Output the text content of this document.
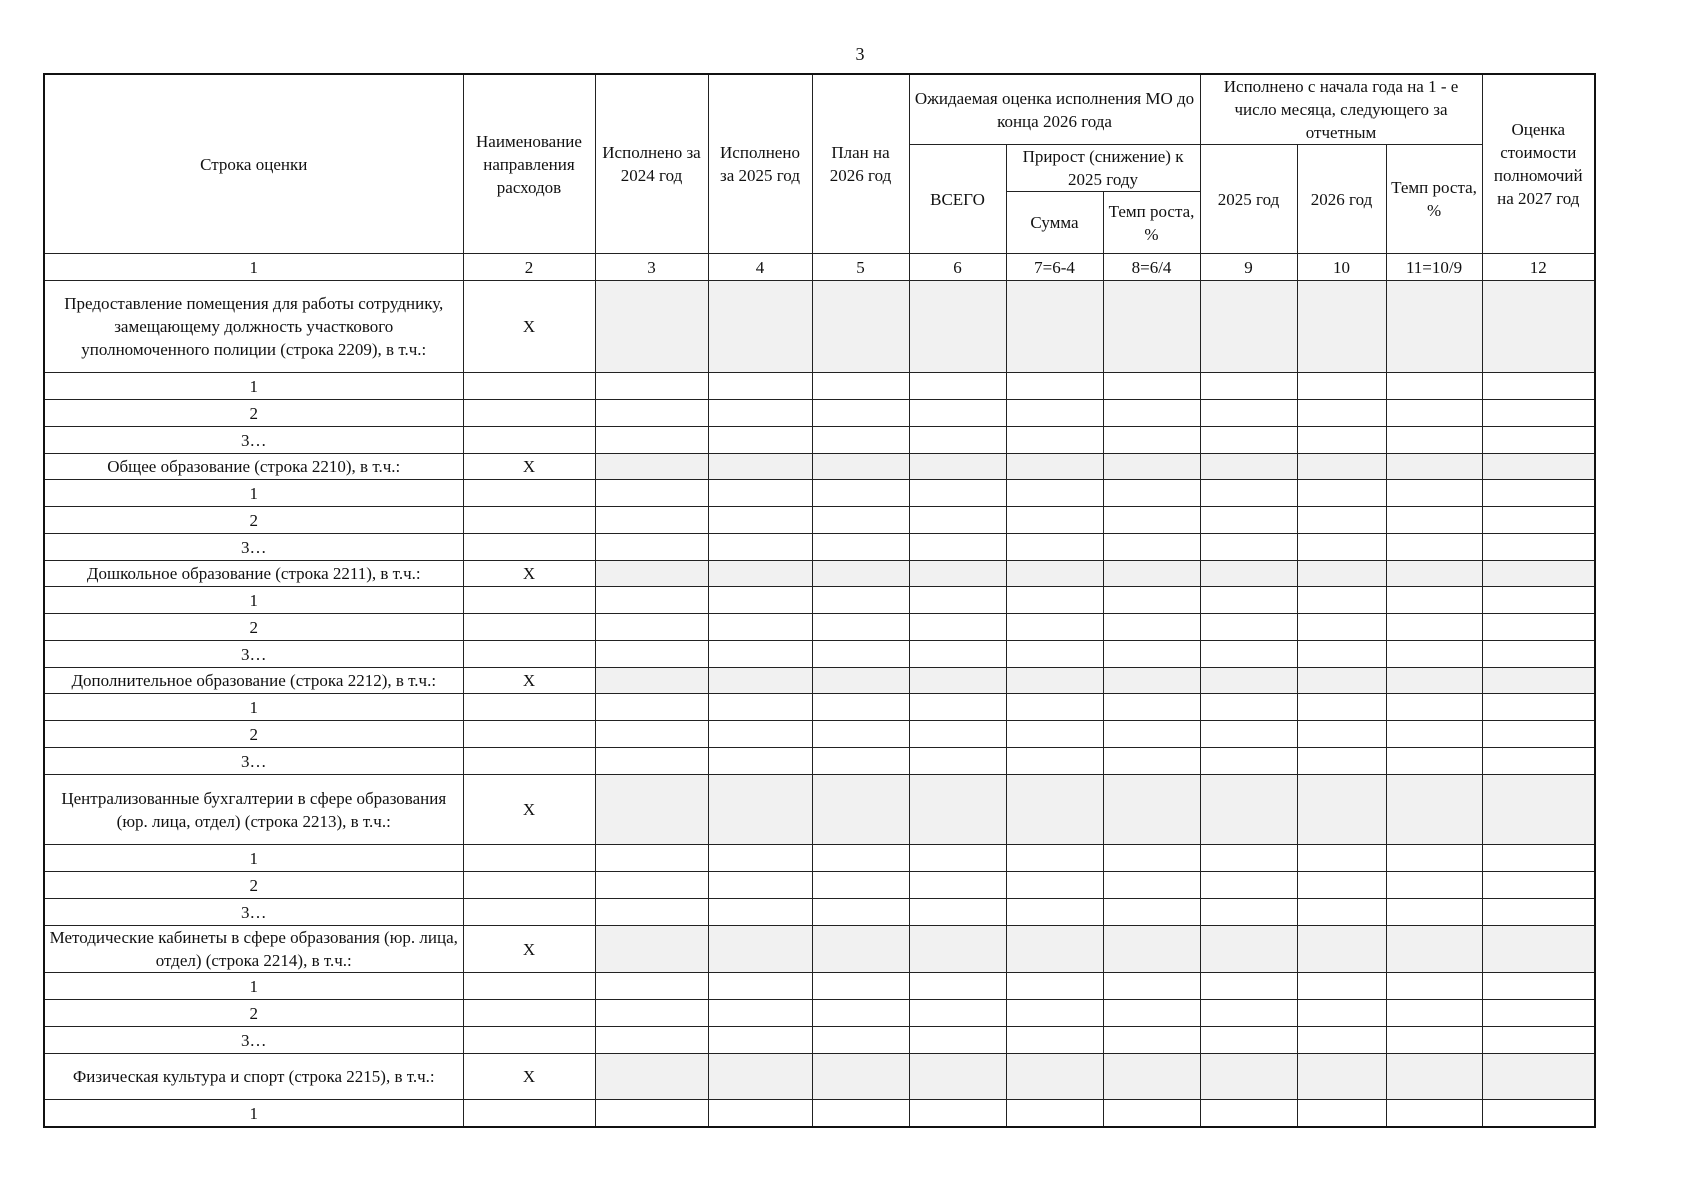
3
Строка оценки	Наименование направления расходов	Исполнено за 2024 год	Исполнено за 2025 год	План на 2026 год	Ожидаемая оценка исполнения МО до конца 2026 года			Исполнено с начала года на 1 - е число месяца, следующего за отчетным			Оценка стоимости полномочий на 2027 год
					ВСЕГО	Прирост (снижение) к 2025 году		2025 год	2026 год	Темп роста, %	
						Сумма	Темп роста, %				
1	2	3	4	5	6	7=6-4	8=6/4	9	10	11=10/9	12
Предоставление помещения для работы сотруднику, замещающему должность участкового уполномоченного полиции (строка 2209), в т.ч.:	X										
1											
2											
3…											
Общее образование (строка 2210), в т.ч.:	X										
1											
2											
3…											
Дошкольное образование (строка 2211), в т.ч.:	X										
1											
2											
3…											
Дополнительное образование (строка 2212), в т.ч.:	X										
1											
2											
3…											
Централизованные бухгалтерии в сфере образования (юр. лица, отдел) (строка 2213), в т.ч.:	X										
1											
2											
3…											
Методические кабинеты в сфере образования (юр. лица, отдел) (строка 2214), в т.ч.:	X										
1											
2											
3…											
Физическая культура и спорт (строка 2215), в т.ч.:	X										
1											
